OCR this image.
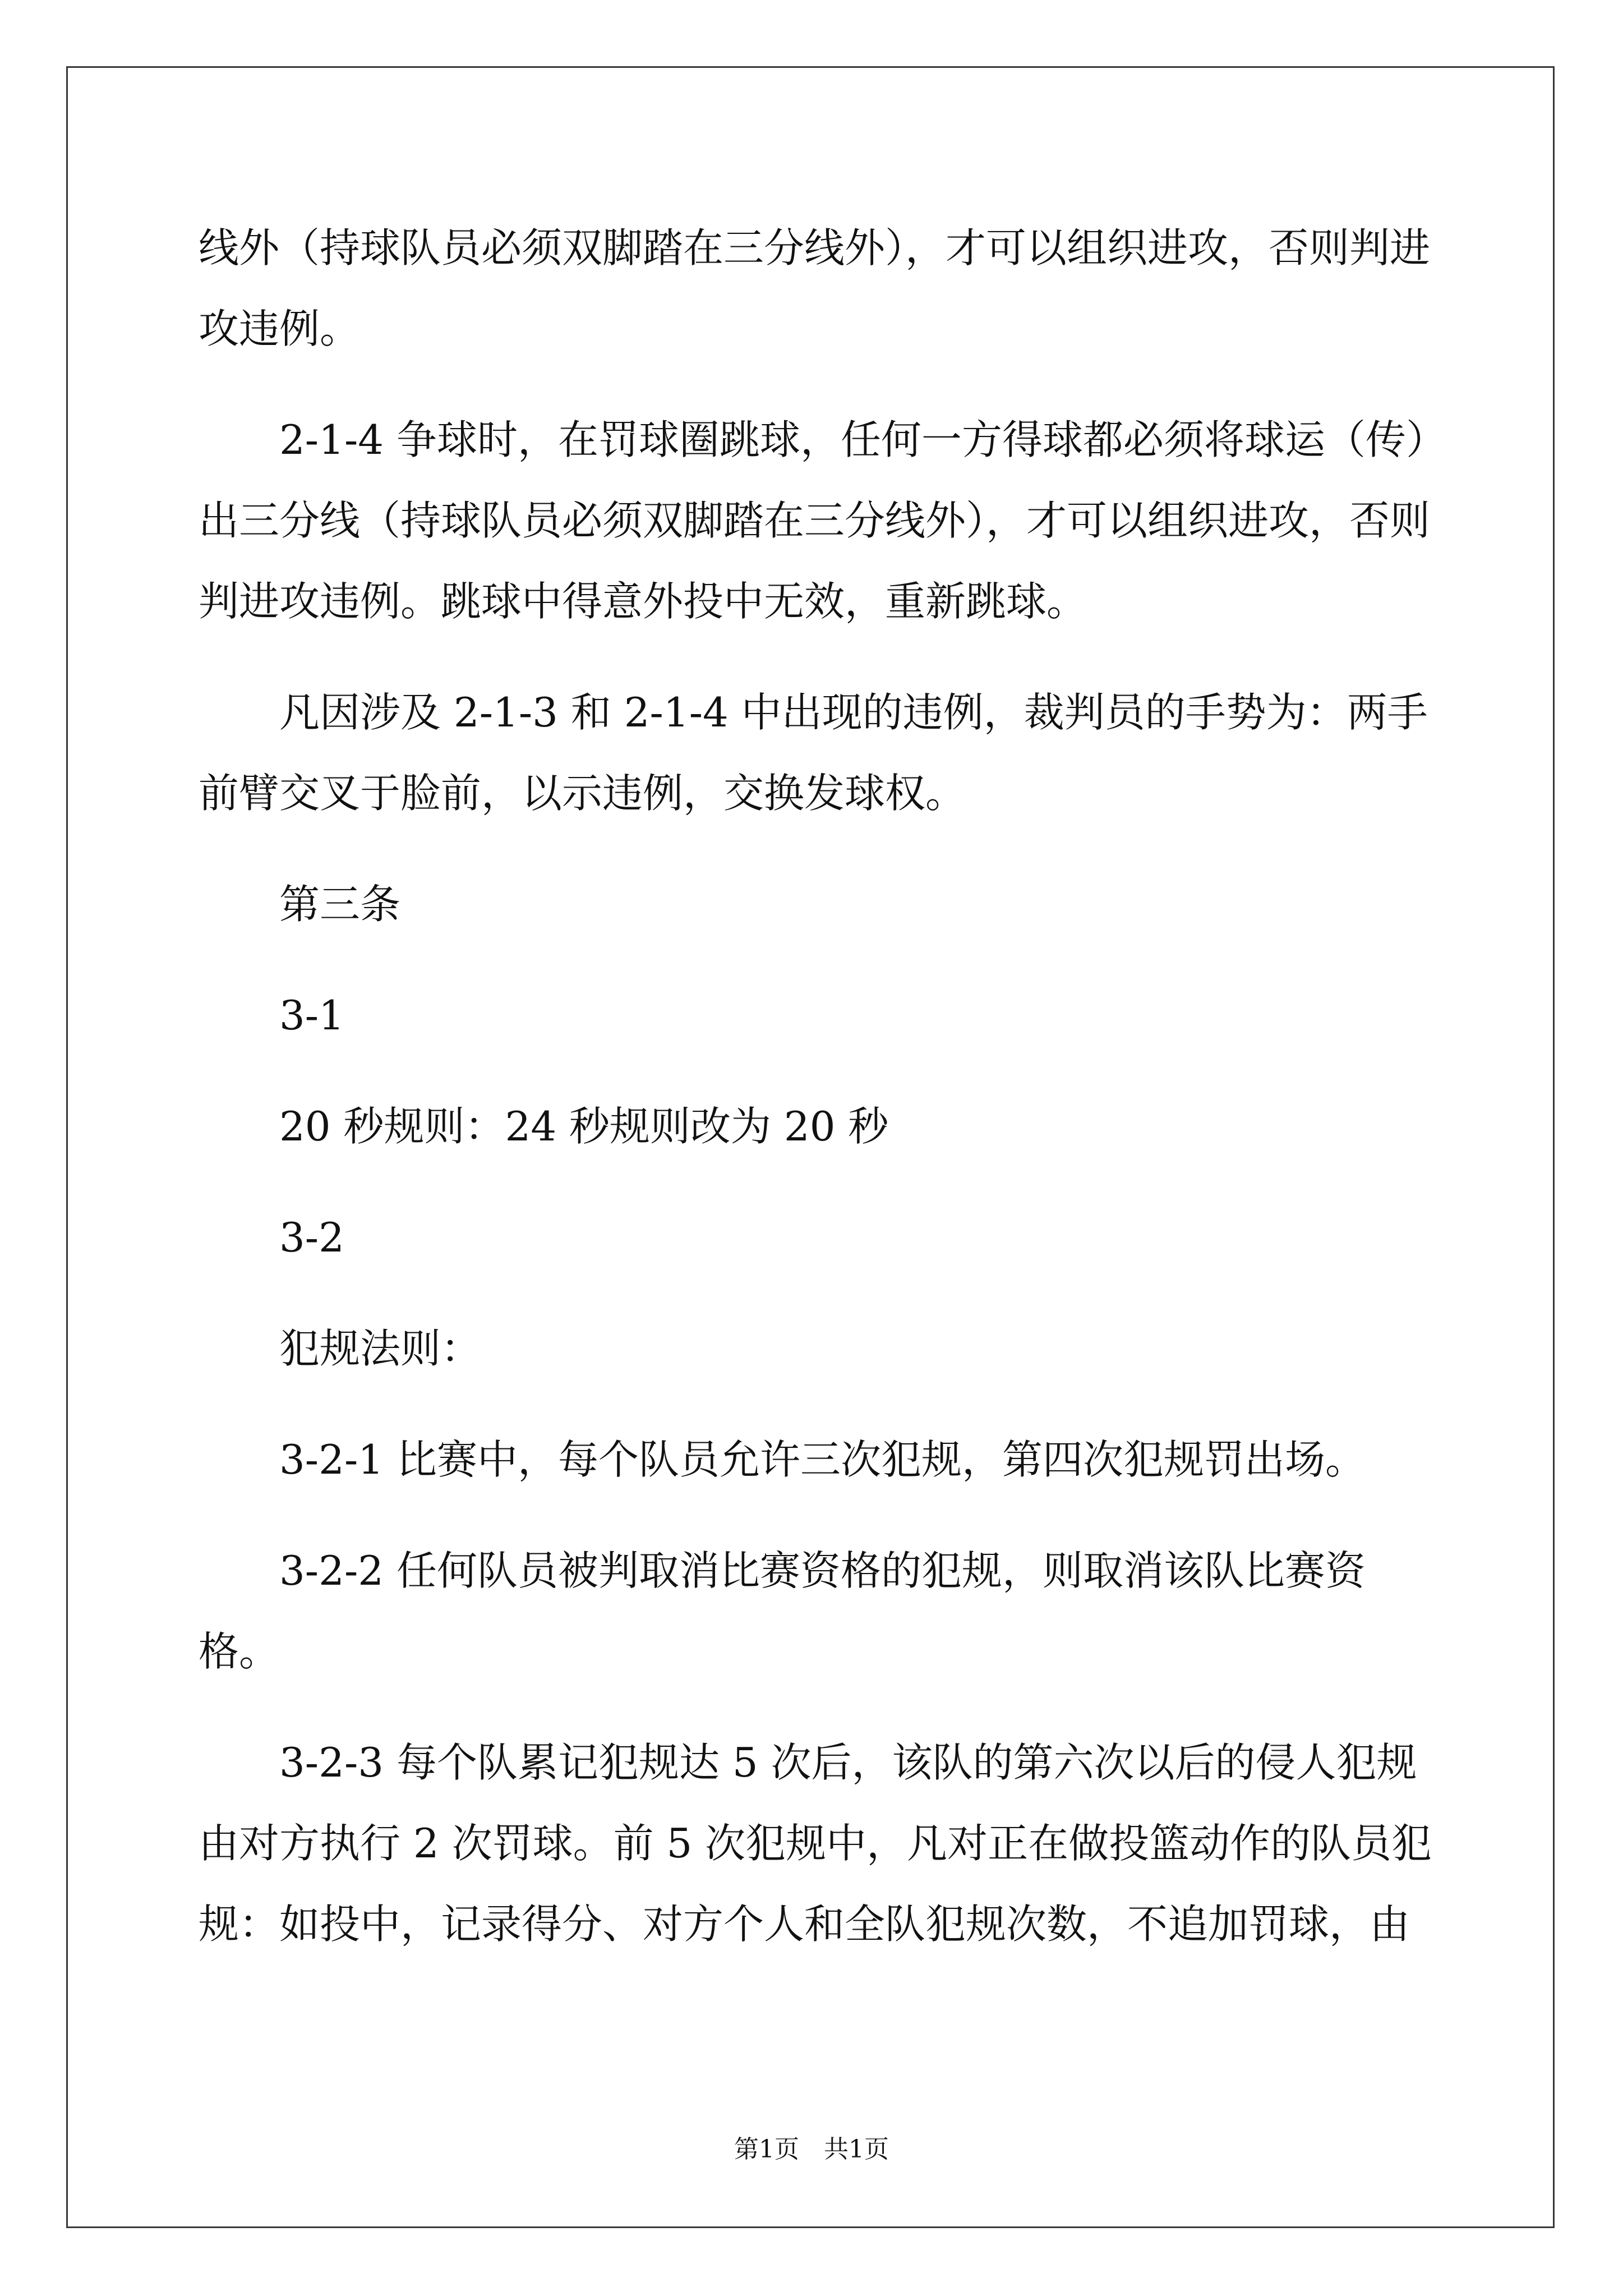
线外（持球队员必须双脚踏在三分线外），才可以组织进攻，否则判进攻违例。

2-1-4 争球时，在罚球圈跳球，任何一方得球都必须将球运（传）出三分线（持球队员必须双脚踏在三分线外），才可以组织进攻，否则判进攻违例。跳球中得意外投中无效，重新跳球。

凡因涉及 2-1-3 和 2-1-4 中出现的违例，裁判员的手势为：两手前臂交叉于脸前，以示违例，交换发球权。

第三条

3-1

20 秒规则：24 秒规则改为 20 秒

3-2

犯规法则：

3-2-1 比赛中，每个队员允许三次犯规，第四次犯规罚出场。

3-2-2 任何队员被判取消比赛资格的犯规，则取消该队比赛资格。

3-2-3 每个队累记犯规达 5 次后，该队的第六次以后的侵人犯规由对方执行 2 次罚球。前 5 次犯规中，凡对正在做投篮动作的队员犯规：如投中，记录得分、对方个人和全队犯规次数，不追加罚球，由

第1页　共1页
